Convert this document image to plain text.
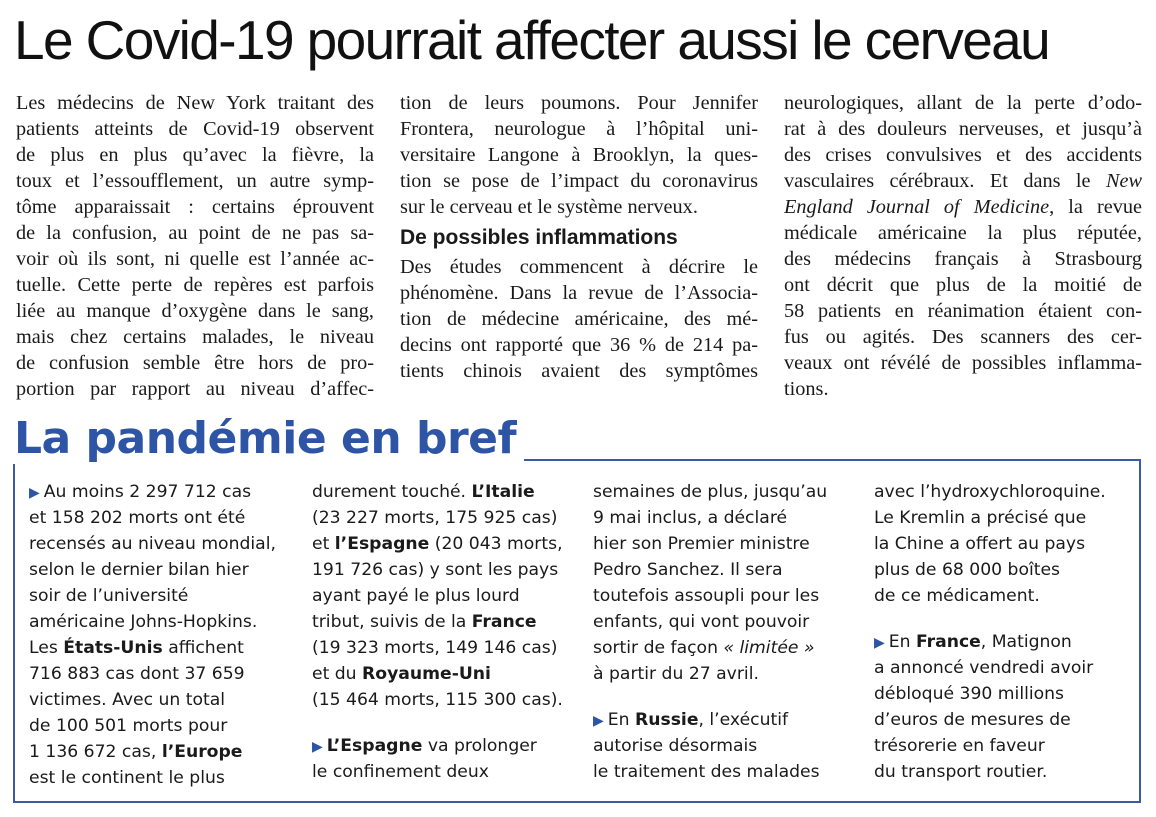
Le Covid-19 pourrait affecter aussi le cerveau
Les médecins de New York traitant des
patients atteints de Covid-19 observent
de plus en plus qu’avec la fièvre, la
toux et l’essoufflement, un autre symp-
tôme apparaissait : certains éprouvent
de la confusion, au point de ne pas sa-
voir où ils sont, ni quelle est l’année ac-
tuelle. Cette perte de repères est parfois
liée au manque d’oxygène dans le sang,
mais chez certains malades, le niveau
de confusion semble être hors de pro-
portion par rapport au niveau d’affec-
tion de leurs poumons. Pour Jennifer
Frontera, neurologue à l’hôpital uni-
versitaire Langone à Brooklyn, la ques-
tion se pose de l’impact du coronavirus
sur le cerveau et le système nerveux.
De possibles inflammations
Des études commencent à décrire le
phénomène. Dans la revue de l’Associa-
tion de médecine américaine, des mé-
decins ont rapporté que 36 % de 214 pa-
tients chinois avaient des symptômes
neurologiques, allant de la perte d’odo-
rat à des douleurs nerveuses, et jusqu’à
des crises convulsives et des accidents
vasculaires cérébraux. Et dans le New
England Journal of Medicine, la revue
médicale américaine la plus réputée,
des médecins français à Strasbourg
ont décrit que plus de la moitié de
58 patients en réanimation étaient con-
fus ou agités. Des scanners des cer-
veaux ont révélé de possibles inflamma-
tions.
La pandémie en bref
▶ Au moins 2 297 712 cas
et 158 202 morts ont été
recensés au niveau mondial,
selon le dernier bilan hier
soir de l’université
américaine Johns-Hopkins.
Les États-Unis affichent
716 883 cas dont 37 659
victimes. Avec un total
de 100 501 morts pour
1 136 672 cas, l’Europe
est le continent le plus
durement touché. L’Italie
(23 227 morts, 175 925 cas)
et l’Espagne (20 043 morts,
191 726 cas) y sont les pays
ayant payé le plus lourd
tribut, suivis de la France
(19 323 morts, 149 146 cas)
et du Royaume-Uni
(15 464 morts, 115 300 cas).
▶ L’Espagne va prolonger
le confinement deux
semaines de plus, jusqu’au
9 mai inclus, a déclaré
hier son Premier ministre
Pedro Sanchez. Il sera
toutefois assoupli pour les
enfants, qui vont pouvoir
sortir de façon « limitée »
à partir du 27 avril.
▶ En Russie, l’exécutif
autorise désormais
le traitement des malades
avec l’hydroxychloroquine.
Le Kremlin a précisé que
la Chine a offert au pays
plus de 68 000 boîtes
de ce médicament.
▶ En France, Matignon
a annoncé vendredi avoir
débloqué 390 millions
d’euros de mesures de
trésorerie en faveur
du transport routier.
